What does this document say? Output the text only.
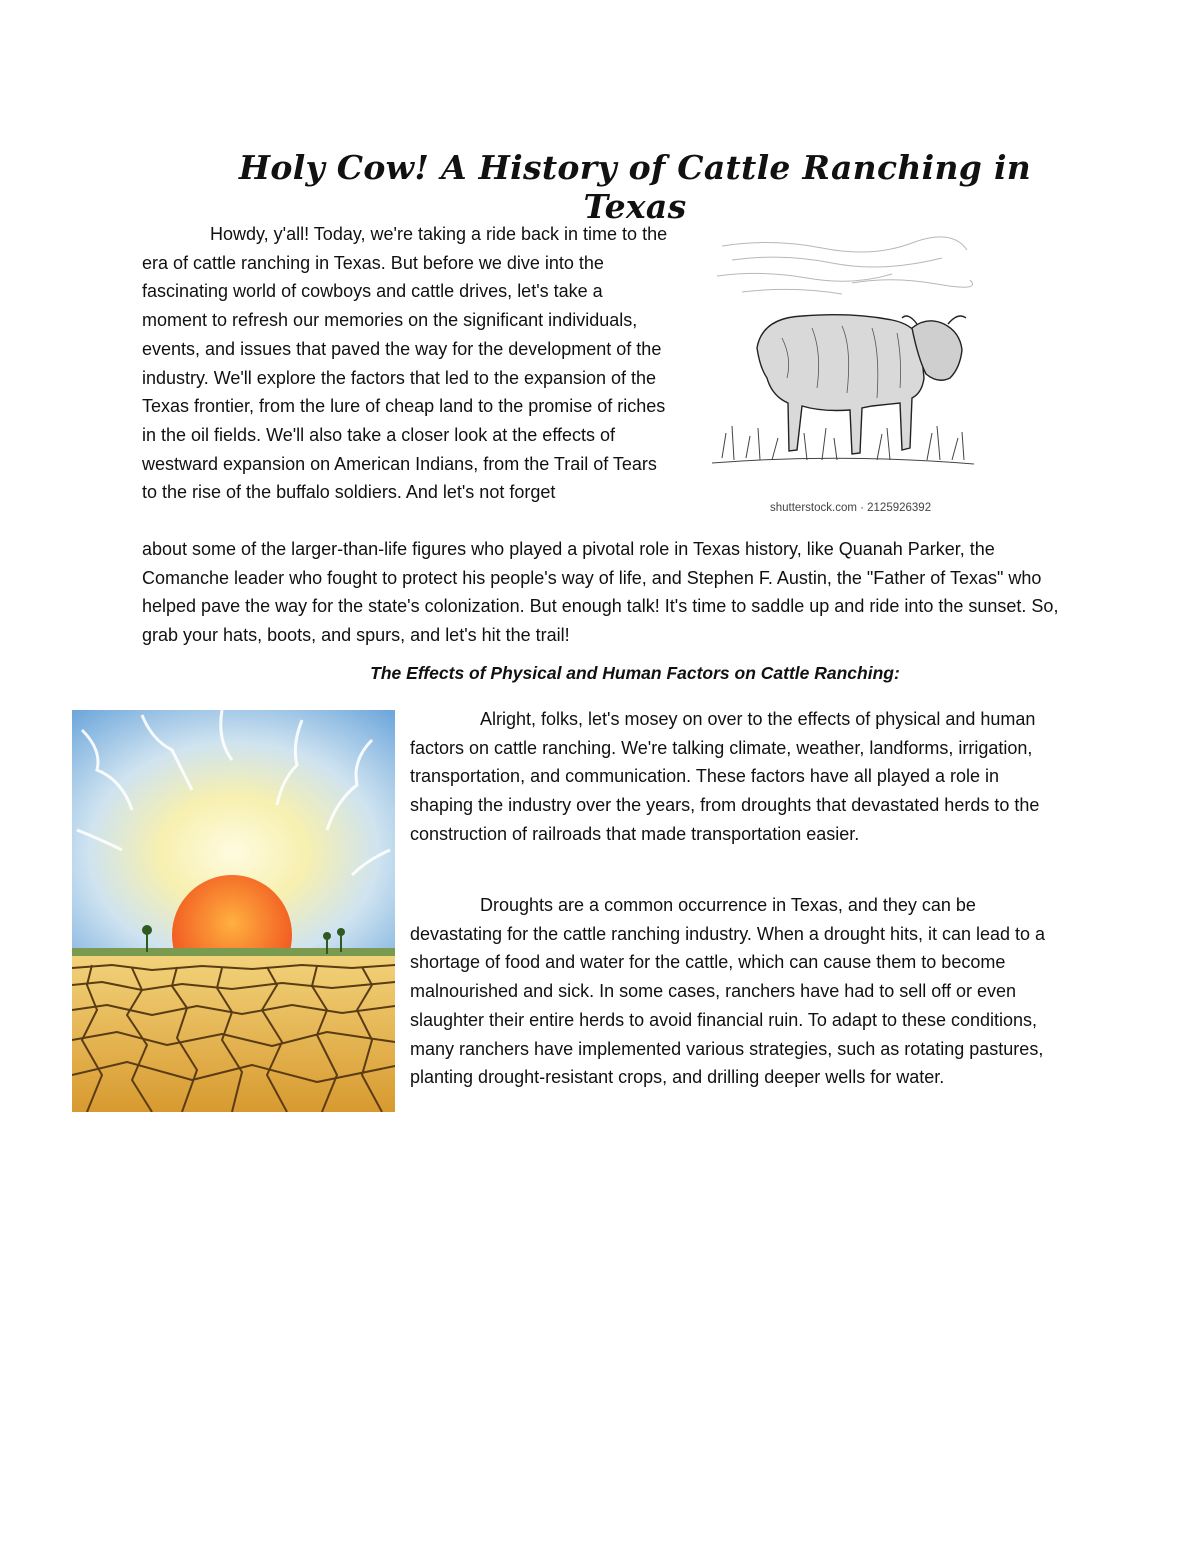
Holy Cow! A History of Cattle Ranching in Texas

Howdy, y'all! Today, we're taking a ride back in time to the era of cattle ranching in Texas. But before we dive into the fascinating world of cowboys and cattle drives, let's take a moment to refresh our memories on the significant individuals, events, and issues that paved the way for the development of the industry. We'll explore the factors that led to the expansion of the Texas frontier, from the lure of cheap land to the promise of riches in the oil fields. We'll also take a closer look at the effects of westward expansion on American Indians, from the Trail of Tears to the rise of the buffalo soldiers. And let's not forget

shutterstock.com · 2125926392

about some of the larger-than-life figures who played a pivotal role in Texas history, like Quanah Parker, the Comanche leader who fought to protect his people's way of life, and Stephen F. Austin, the "Father of Texas" who helped pave the way for the state's colonization. But enough talk! It's time to saddle up and ride into the sunset. So, grab your hats, boots, and spurs, and let's hit the trail!

The Effects of Physical and Human Factors on Cattle Ranching:

Alright, folks, let's mosey on over to the effects of physical and human factors on cattle ranching. We're talking climate, weather, landforms, irrigation, transportation, and communication. These factors have all played a role in shaping the industry over the years, from droughts that devastated herds to the construction of railroads that made transportation easier.

Droughts are a common occurrence in Texas, and they can be devastating for the cattle ranching industry. When a drought hits, it can lead to a shortage of food and water for the cattle, which can cause them to become malnourished and sick. In some cases, ranchers have had to sell off or even slaughter their entire herds to avoid financial ruin. To adapt to these conditions, many ranchers have implemented various strategies, such as rotating pastures, planting drought-resistant crops, and drilling deeper wells for water.
